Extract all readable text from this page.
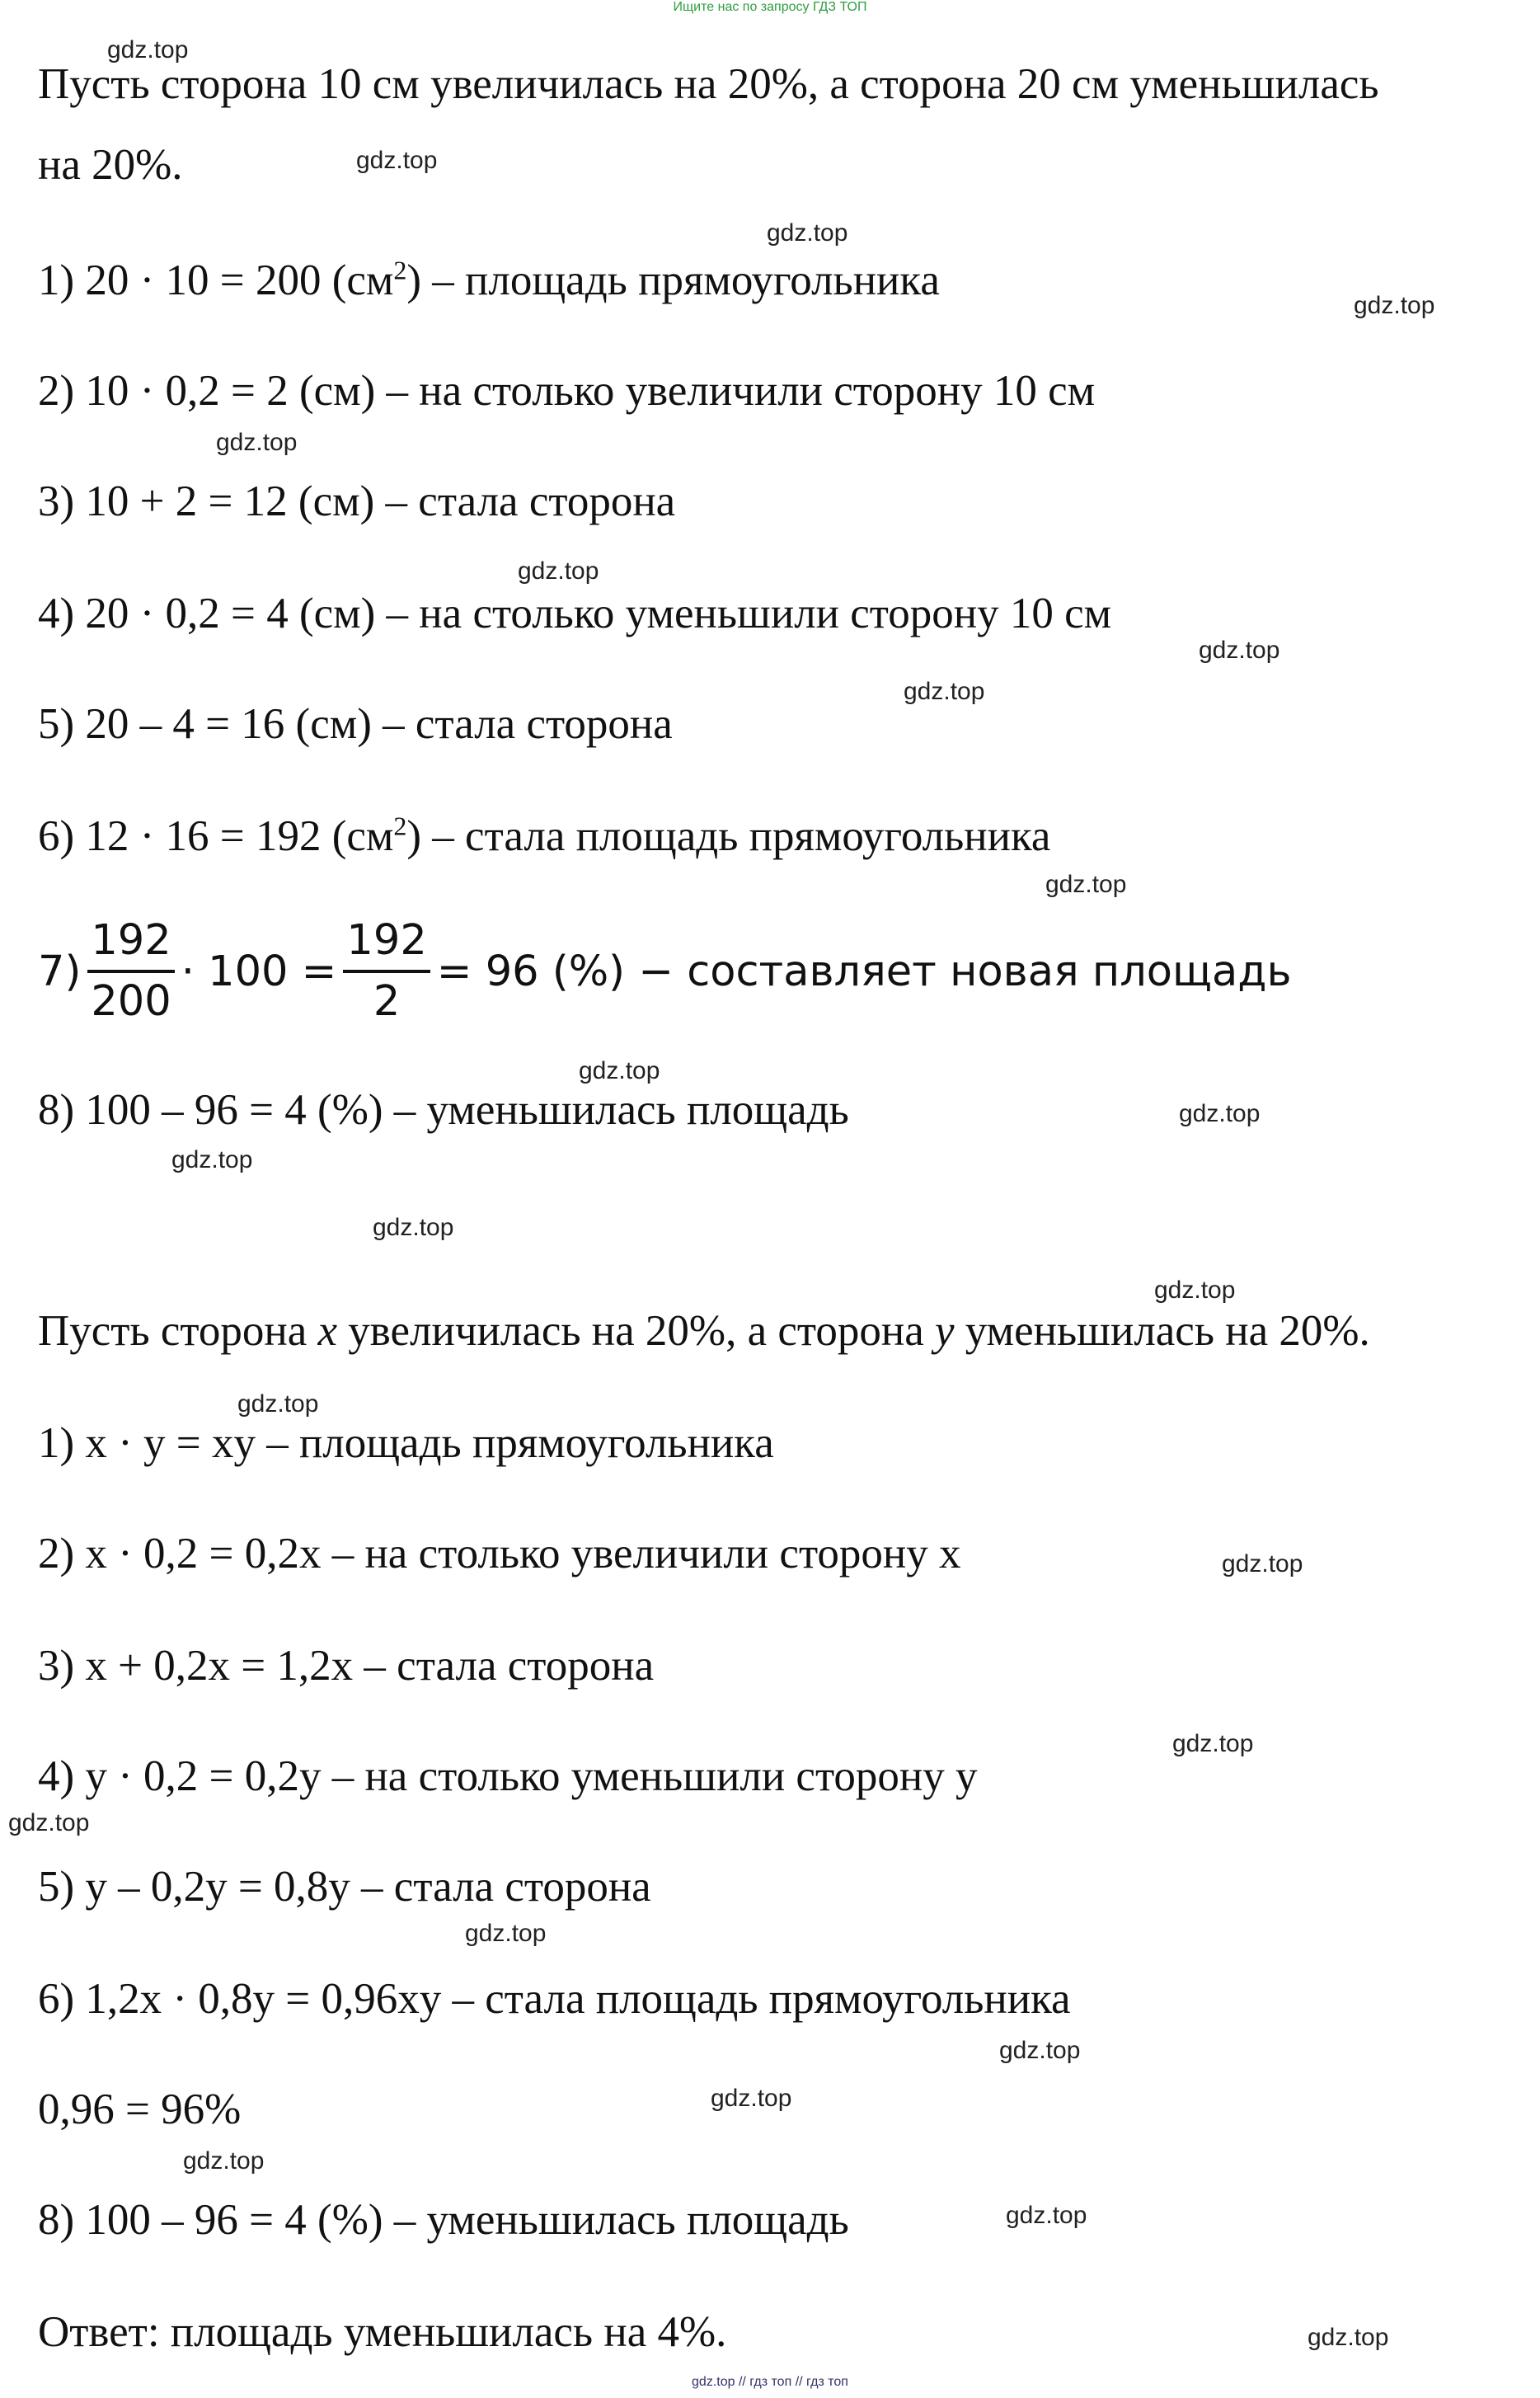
Ищите нас по запросу ГДЗ ТОП
Пусть сторона 10 см увеличилась на 20%, а сторона 20 см уменьшилась
на 20%.
1) 20 · 10 = 200 $(см^2)$ – площадь прямоугольника
2) 10 · 0,2 = 2 (см) – на столько увеличили сторону 10 см
3) 10 + 2 = 12 (см) – стала сторона
4) 20 · 0,2 = 4 (см) – на столько уменьшили сторону 10 см
5) 20 – 4 = 16 (см) – стала сторона
6) 12 · 16 = 192 $(см^2)$ – стала площадь прямоугольника
$7) \frac{192}{200} \cdot 100 = \frac{192}{2} = 96$ (%) − составляет новая площадь
8) 100 – 96 = 4 (%) – уменьшилась площадь
Пусть сторона x увеличилась на 20%, а сторона y уменьшилась на 20%.
1) x · y = xy – площадь прямоугольника
2) x · 0,2 = 0,2x – на столько увеличили сторону x
3) x + 0,2x = 1,2x – стала сторона
4) y · 0,2 = 0,2y – на столько уменьшили сторону y
5) y – 0,2y = 0,8y – стала сторона
6) 1,2x · 0,8y = 0,96xy – стала площадь прямоугольника
0,96 = 96%
8) 100 – 96 = 4 (%) – уменьшилась площадь
Ответ: площадь уменьшилась на 4%.
gdz.top
gdz.top
gdz.top
gdz.top
gdz.top
gdz.top
gdz.top
gdz.top
gdz.top
gdz.top
gdz.top
gdz.top
gdz.top
gdz.top
gdz.top
gdz.top
gdz.top
gdz.top
gdz.top
gdz.top
gdz.top
gdz.top
gdz.top
gdz.top
gdz.top // гдз топ // гдз топ
